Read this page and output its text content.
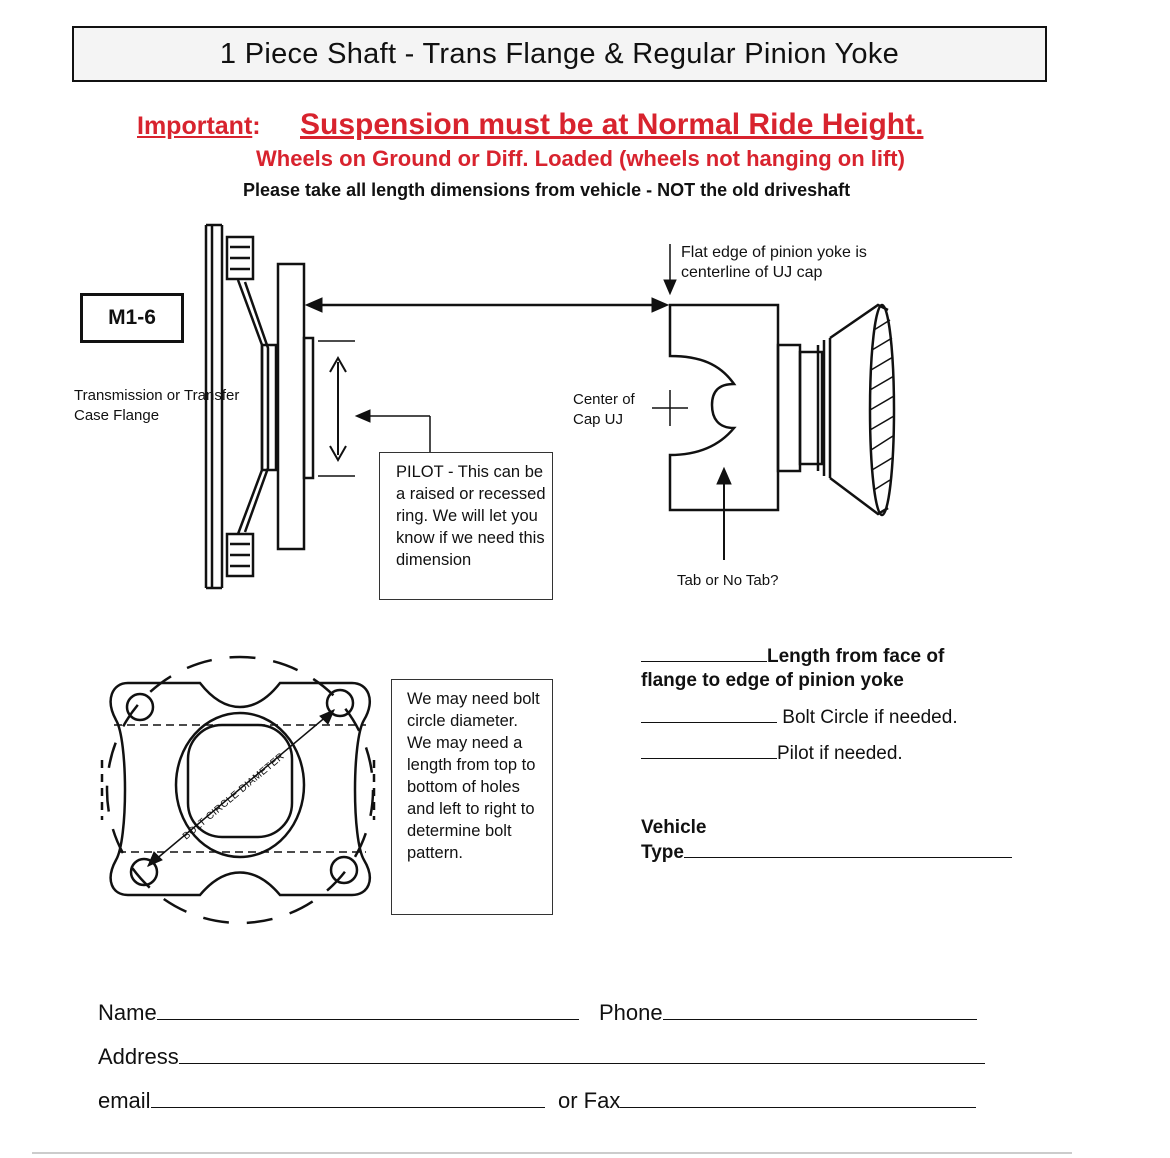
1 Piece Shaft - Trans Flange & Regular Pinion Yoke
Important: Suspension must be at Normal Ride Height.
Wheels on Ground or Diff. Loaded (wheels not hanging on lift)
Please take all length dimensions from vehicle - NOT the old driveshaft
BOLT CIRCLE DIAMETER
M1-6
Transmission or Transfer Case Flange
PILOT - This can be a raised or recessed ring. We will let you know if we need this dimension
Flat edge of pinion yoke is centerline of UJ cap
Center of Cap UJ
Tab or No Tab?
We may need bolt circle diameter. We may need a length from top to bottom of holes and left to right to determine bolt pattern.
Length from face of flange to edge of pinion yoke
Bolt Circle if needed.
Pilot if needed.
Vehicle
Type
Name	Phone
Address
email	or Fax
